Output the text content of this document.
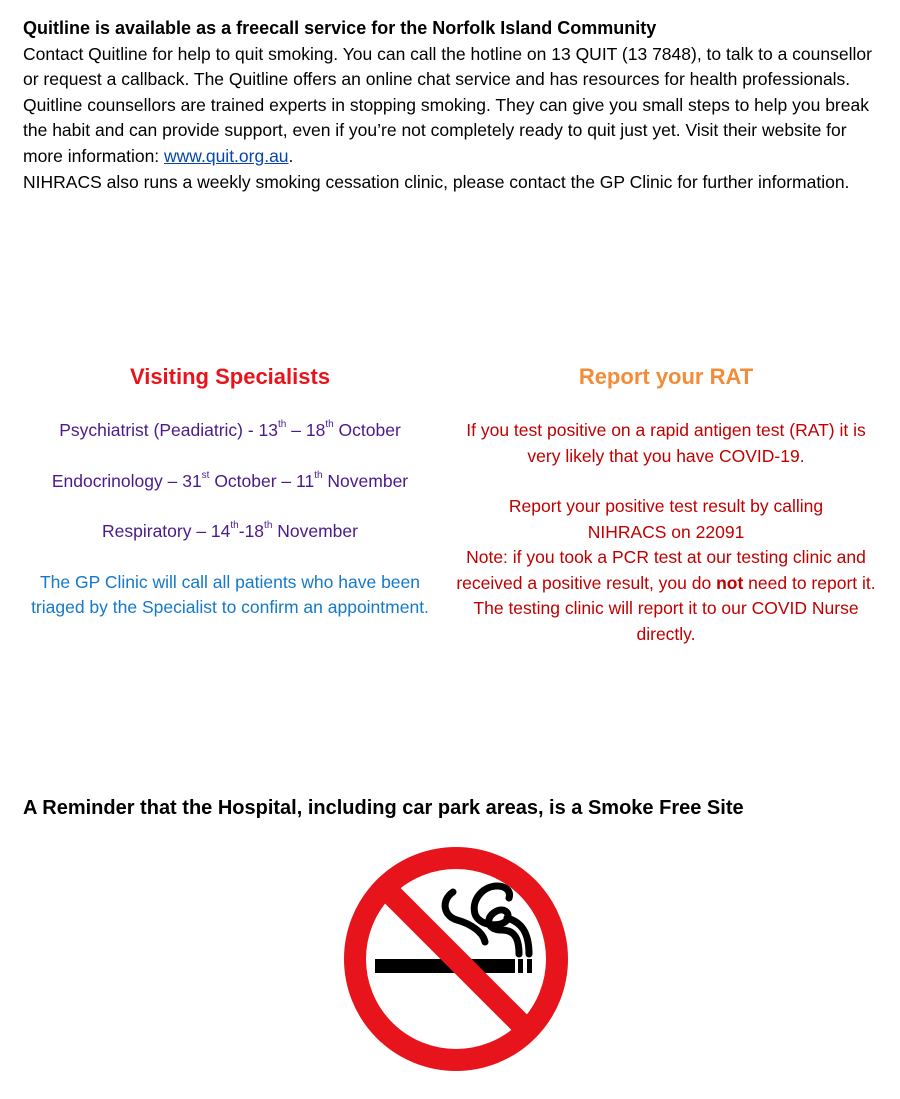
Quitline is available as a freecall service for the Norfolk Island Community
Contact Quitline for help to quit smoking. You can call the hotline on 13 QUIT (13 7848), to talk to a counsellor or request a callback. The Quitline offers an online chat service and has resources for health professionals. Quitline counsellors are trained experts in stopping smoking. They can give you small steps to help you break the habit and can provide support, even if you’re not completely ready to quit just yet. Visit their website for more information: www.quit.org.au.
NIHRACS also runs a weekly smoking cessation clinic, please contact the GP Clinic for further information.
Visiting Specialists
Psychiatrist (Peadiatric) - 13th – 18th October
Endocrinology – 31st October – 11th November
Respiratory – 14th-18th November
The GP Clinic will call all patients who have been triaged by the Specialist to confirm an appointment.
Report your RAT

If you test positive on a rapid antigen test (RAT) it is very likely that you have COVID-19.

Report your positive test result by calling NIHRACS on 22091

Note: if you took a PCR test at our testing clinic and received a positive result, you do not need to report it. The testing clinic will report it to our COVID Nurse directly.

A Reminder that the Hospital, including car park areas, is a Smoke Free Site
